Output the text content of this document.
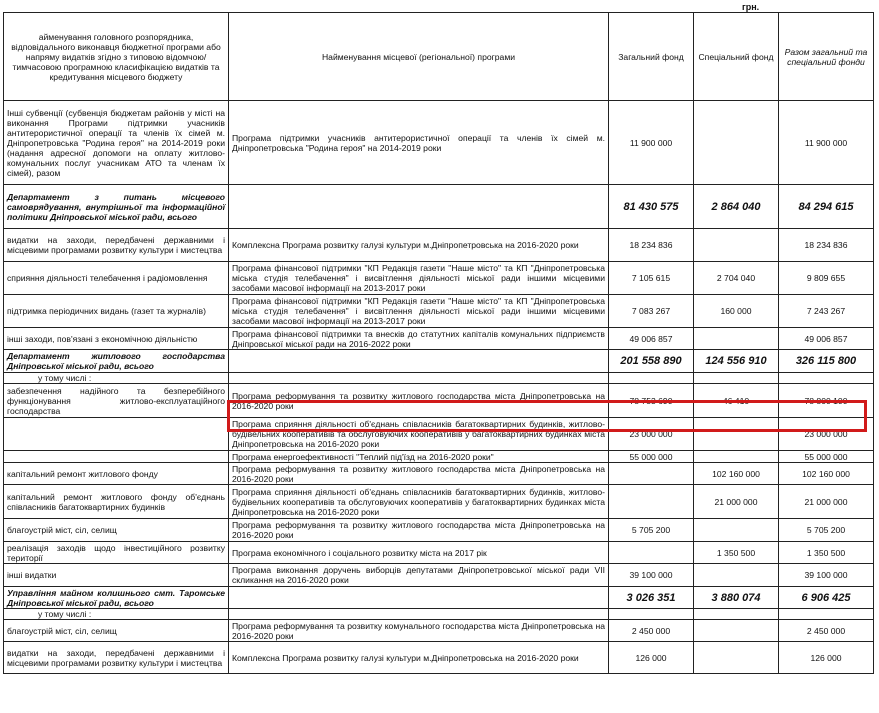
грн.
айменування головного розпорядника, відповідального виконавця бюджетної програми або напряму видатків згідно з типовою відомчою/тимчасовою програмною класифікацією видатків та кредитування місцевого бюджету	Найменування місцевої (регіональної) програми	Загальний фонд	Спеціальний фонд	Разом загальний та спеціальний фонди
Інші субвенції (субвенція бюджетам районів у місті на виконання Програми підтримки учасників антитерористичної операції та членів їх сімей м. Дніпропетровська "Родина героя" на 2014-2019 роки (надання адресної допомоги на оплату житлово-комунальних послуг учасникам АТО та членам їх сімей), разом	Програма підтримки учасників антитерористичної операції та членів їх сімей м. Дніпропетровська "Родина героя" на 2014-2019 роки	11 900 000		11 900 000
Департамент з питань місцевого самоврядування, внутрішньої та інформаційної політики Дніпровської міської ради, всього		81 430 575	2 864 040	84 294 615
видатки на заходи, передбачені державними і місцевими програмами розвитку культури і мистецтва	Комплексна Програма розвитку галузі культури м.Дніпропетровська на 2016-2020 роки	18 234 836		18 234 836
сприяння діяльності телебачення і радіомовлення	Програма фінансової підтримки "КП Редакція газети "Наше місто" та КП "Дніпропетровська міська студія телебачення" і висвітлення діяльності міської ради іншими місцевими засобами масової інформації на 2013-2017 роки	7 105 615	2 704 040	9 809 655
підтримка періодичних видань (газет та журналів)	Програма фінансової підтримки "КП Редакція газети "Наше місто" та КП "Дніпропетровська міська студія телебачення" і висвітлення діяльності міської ради іншими місцевими засобами масової інформації на 2013-2017 роки	7 083 267	160 000	7 243 267
інші заходи, пов'язані з економічною діяльністю	Програма фінансової підтримки та внесків до статутних капіталів комунальних підприємств Дніпровської міської ради на 2016-2022 роки	49 006 857		49 006 857
Департамент житлового господарства Дніпровської міської ради, всього		201 558 890	124 556 910	326 115 800
у тому числі :				
забезпечення надійного та безперебійного функціонування житлово-експлуатаційного господарства	Програма реформування та розвитку житлового господарства міста Дніпропетровська на 2016-2020 роки	78 753 690	46 410	78 800 100
	Програма сприяння діяльності об'єднань співласників багатоквартирних будинків, житлово-будівельних кооперативів та обслуговуючих кооперативів у багатоквартирних будинках міста Дніпропетровська на 2016-2020 роки	23 000 000		23 000 000
	Програма енергоефективності "Теплий під'їзд на 2016-2020 роки"	55 000 000		55 000 000
капітальний ремонт житлового фонду	Програма реформування та розвитку житлового господарства міста Дніпропетровська на 2016-2020 роки		102 160 000	102 160 000
капітальний ремонт житлового фонду об'єднань співласників багатоквартирних будинків	Програма сприяння діяльності об'єднань співласників багатоквартирних будинків, житлово-будівельних кооперативів та обслуговуючих кооперативів у багатоквартирних будинках міста Дніпропетровська на 2016-2020 роки		21 000 000	21 000 000
благоустрій міст, сіл, селищ	Програма реформування та розвитку житлового господарства міста Дніпропетровська на 2016-2020 роки	5 705 200		5 705 200
реалізація заходів щодо інвестиційного розвитку території	Програма економічного і соціального розвитку міста на 2017 рік		1 350 500	1 350 500
інші видатки	Програма виконання доручень виборців депутатами Дніпропетровської міської ради VII скликання на 2016-2020 роки	39 100 000		39 100 000
Управління майном колишнього смт. Таромське Дніпровської міської ради, всього		3 026 351	3 880 074	6 906 425
у тому числі :				
благоустрій міст, сіл, селищ	Програма реформування та розвитку комунального господарства міста Дніпропетровська на 2016-2020 роки	2 450 000		2 450 000
видатки на заходи, передбачені державними і місцевими програмами розвитку культури і мистецтва	Комплексна Програма розвитку галузі культури м.Дніпропетровська на 2016-2020 роки	126 000		126 000
